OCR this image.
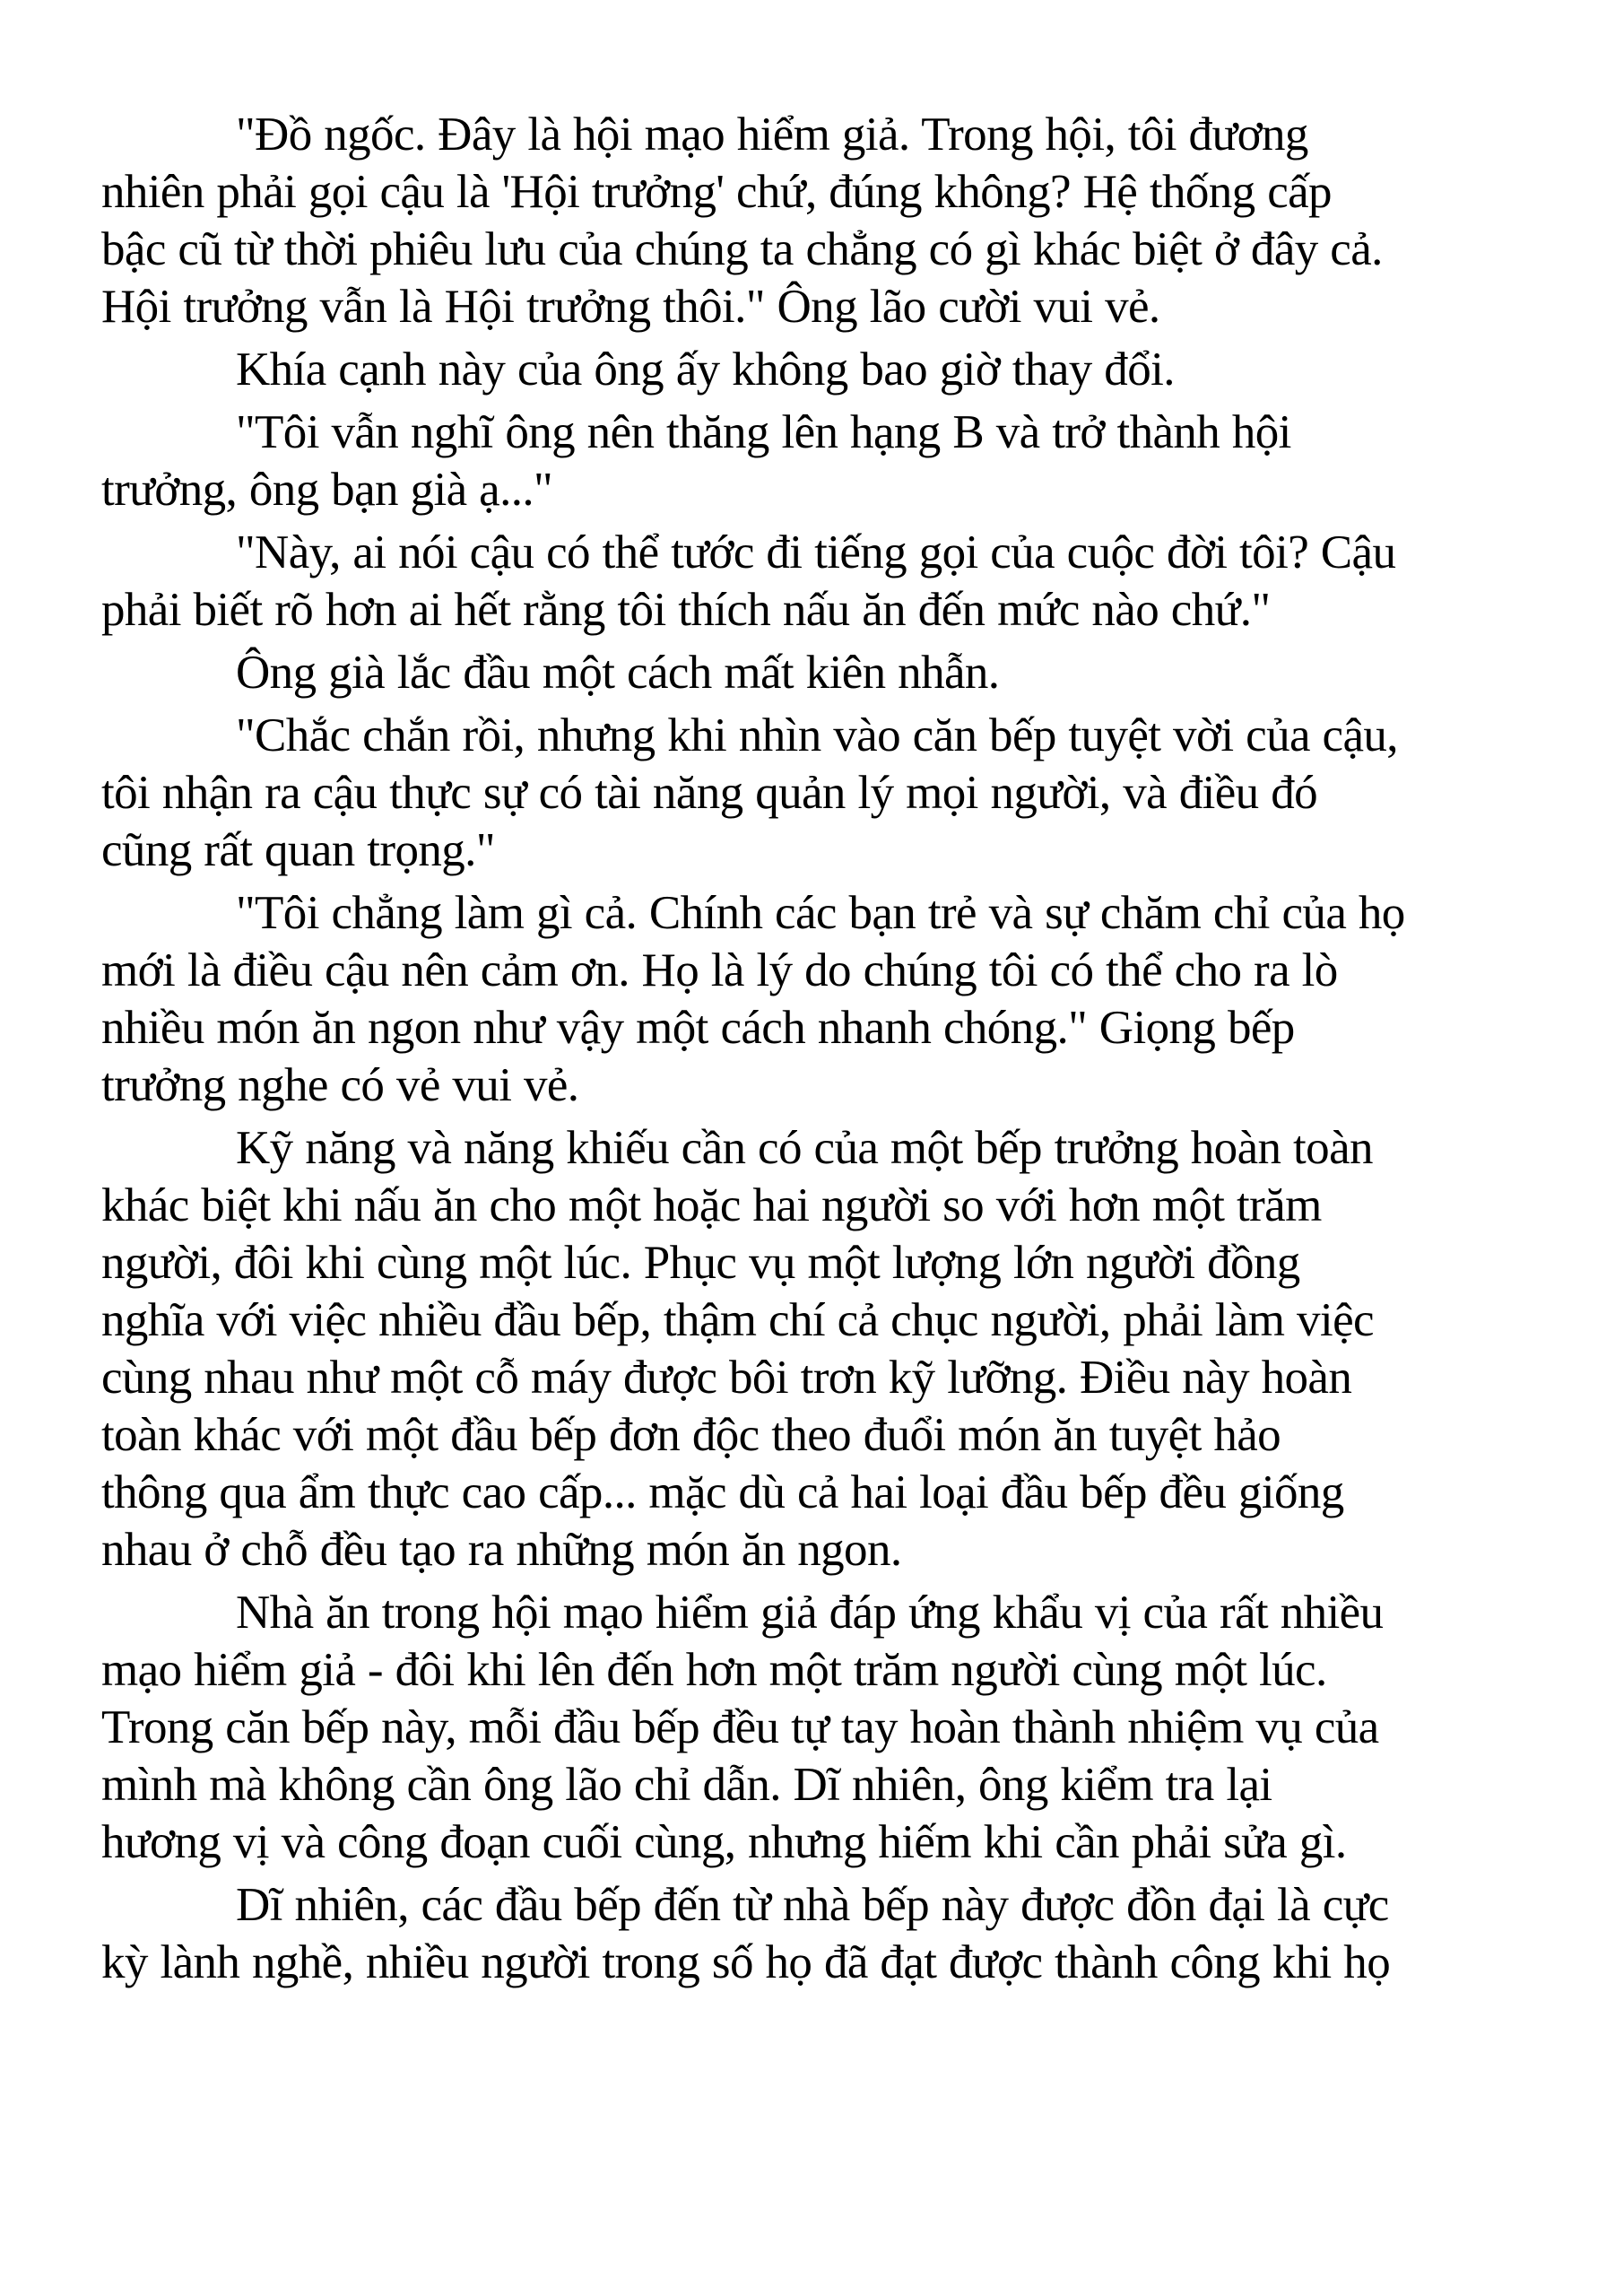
"Đồ ngốc. Đây là hội mạo hiểm giả. Trong hội, tôi đương
nhiên phải gọi cậu là 'Hội trưởng' chứ, đúng không? Hệ thống cấp
bậc cũ từ thời phiêu lưu của chúng ta chẳng có gì khác biệt ở đây cả.
Hội trưởng vẫn là Hội trưởng thôi." Ông lão cười vui vẻ.

Khía cạnh này của ông ấy không bao giờ thay đổi.

"Tôi vẫn nghĩ ông nên thăng lên hạng B và trở thành hội
trưởng, ông bạn già ạ..."

"Này, ai nói cậu có thể tước đi tiếng gọi của cuộc đời tôi? Cậu
phải biết rõ hơn ai hết rằng tôi thích nấu ăn đến mức nào chứ."

Ông già lắc đầu một cách mất kiên nhẫn.

"Chắc chắn rồi, nhưng khi nhìn vào căn bếp tuyệt vời của cậu,
tôi nhận ra cậu thực sự có tài năng quản lý mọi người, và điều đó
cũng rất quan trọng."

"Tôi chẳng làm gì cả. Chính các bạn trẻ và sự chăm chỉ của họ
mới là điều cậu nên cảm ơn. Họ là lý do chúng tôi có thể cho ra lò
nhiều món ăn ngon như vậy một cách nhanh chóng." Giọng bếp
trưởng nghe có vẻ vui vẻ.

Kỹ năng và năng khiếu cần có của một bếp trưởng hoàn toàn
khác biệt khi nấu ăn cho một hoặc hai người so với hơn một trăm
người, đôi khi cùng một lúc. Phục vụ một lượng lớn người đồng
nghĩa với việc nhiều đầu bếp, thậm chí cả chục người, phải làm việc
cùng nhau như một cỗ máy được bôi trơn kỹ lưỡng. Điều này hoàn
toàn khác với một đầu bếp đơn độc theo đuổi món ăn tuyệt hảo
thông qua ẩm thực cao cấp... mặc dù cả hai loại đầu bếp đều giống
nhau ở chỗ đều tạo ra những món ăn ngon.

Nhà ăn trong hội mạo hiểm giả đáp ứng khẩu vị của rất nhiều
mạo hiểm giả - đôi khi lên đến hơn một trăm người cùng một lúc.
Trong căn bếp này, mỗi đầu bếp đều tự tay hoàn thành nhiệm vụ của
mình mà không cần ông lão chỉ dẫn. Dĩ nhiên, ông kiểm tra lại
hương vị và công đoạn cuối cùng, nhưng hiếm khi cần phải sửa gì.

Dĩ nhiên, các đầu bếp đến từ nhà bếp này được đồn đại là cực
kỳ lành nghề, nhiều người trong số họ đã đạt được thành công khi họ
